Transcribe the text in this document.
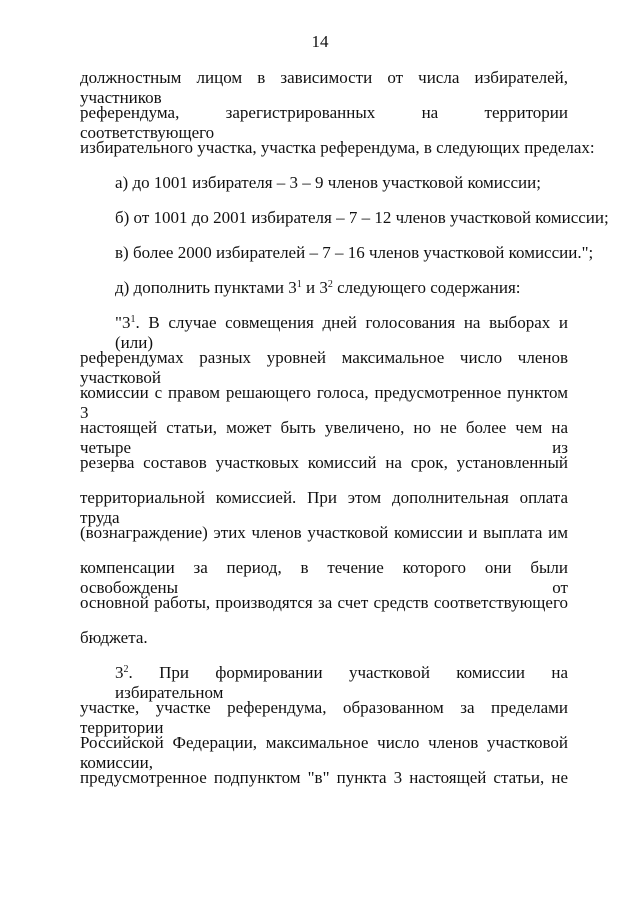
14
должностным лицом в зависимости от числа избирателей, участников
референдума, зарегистрированных на территории соответствующего
избирательного участка, участка референдума, в следующих пределах:
а) до 1001 избирателя – 3 – 9 членов участковой комиссии;
б) от 1001 до 2001 избирателя – 7 – 12 членов участковой комиссии;
в) более 2000 избирателей – 7 – 16 членов участковой комиссии.";
д) дополнить пунктами $3^1$ и $3^2$ следующего содержания:
"$3^1$. В случае совмещения дней голосования на выборах и (или)
референдумах разных уровней максимальное число членов участковой
комиссии с правом решающего голоса, предусмотренное пунктом 3
настоящей статьи, может быть увеличено, но не более чем на четыре из
резерва составов участковых комиссий на срок, установленный
территориальной комиссией. При этом дополнительная оплата труда
(вознаграждение) этих членов участковой комиссии и выплата им
компенсации за период, в течение которого они были освобождены от
основной работы, производятся за счет средств соответствующего
бюджета.
$3^2$. При формировании участковой комиссии на избирательном
участке, участке референдума, образованном за пределами территории
Российской Федерации, максимальное число членов участковой комиссии,
предусмотренное подпунктом "в" пункта 3 настоящей статьи, не
